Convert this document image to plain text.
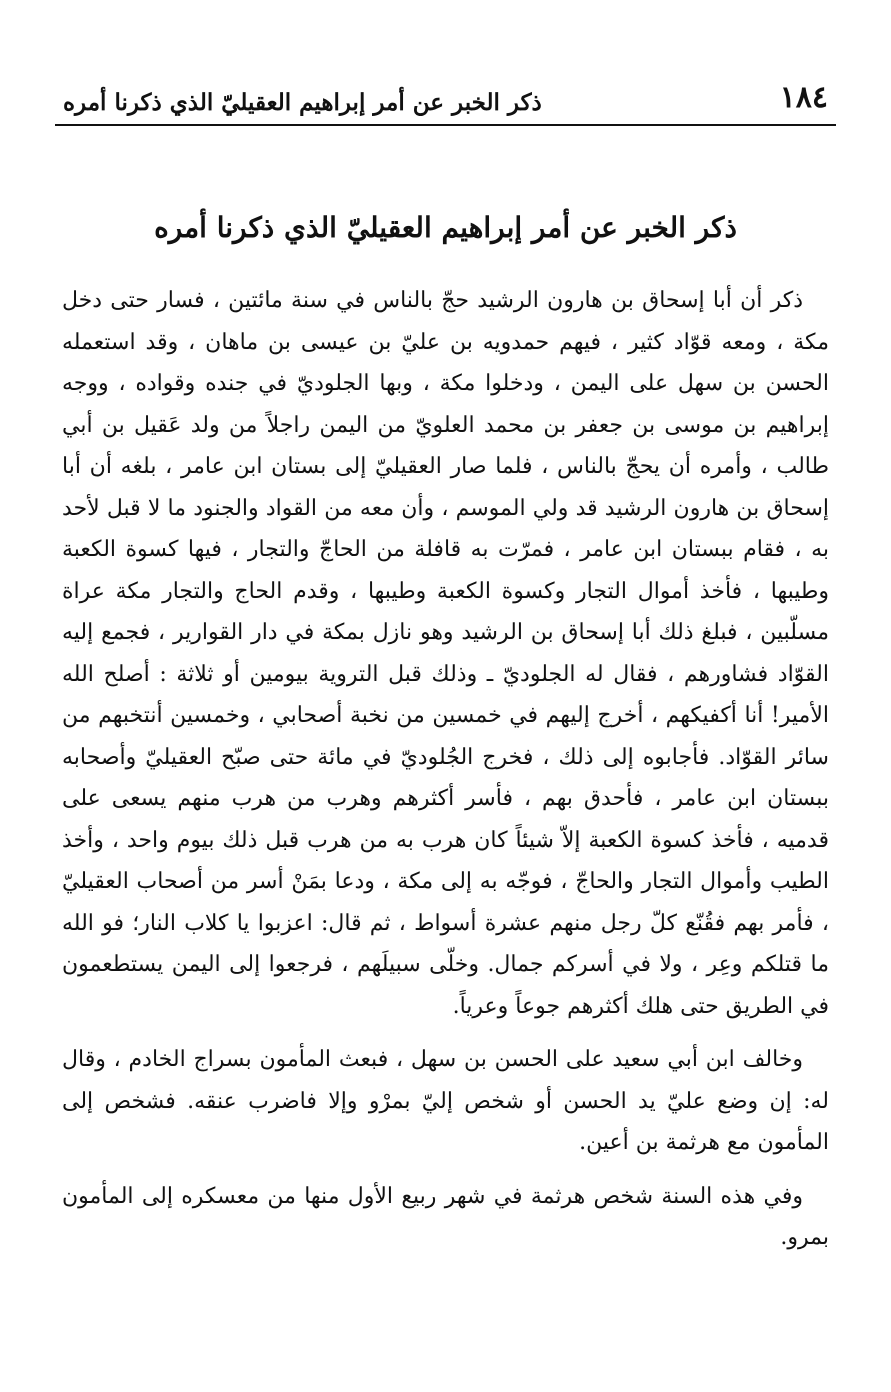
١٨٤
ذكر الخبر عن أمر إبراهيم العقيليّ الذي ذكرنا أمره
ذكر الخبر عن أمر إبراهيم العقيليّ الذي ذكرنا أمره

ذكر أن أبا إسحاق بن هارون الرشيد حجّ بالناس في سنة مائتين ، فسار حتى دخل مكة ، ومعه قوّاد كثير ، فيهم حمدويه بن عليّ بن عيسى بن ماهان ، وقد استعمله الحسن بن سهل على اليمن ، ودخلوا مكة ، وبها الجلوديّ في جنده وقواده ، ووجه إبراهيم بن موسى بن جعفر بن محمد العلويّ من اليمن راجلاً من ولد عَقيل بن أبي طالب ، وأمره أن يحجّ بالناس ، فلما صار العقيليّ إلى بستان ابن عامر ، بلغه أن أبا إسحاق بن هارون الرشيد قد ولي الموسم ، وأن معه من القواد والجنود ما لا قبل لأحد به ، فقام ببستان ابن عامر ، فمرّت به قافلة من الحاجّ والتجار ، فيها كسوة الكعبة وطيبها ، فأخذ أموال التجار وكسوة الكعبة وطيبها ، وقدم الحاج والتجار مكة عراة مسلّبين ، فبلغ ذلك أبا إسحاق بن الرشيد وهو نازل بمكة في دار القوارير ، فجمع إليه القوّاد فشاورهم ، فقال له الجلوديّ ـ وذلك قبل التروية بيومين أو ثلاثة : أصلح الله الأمير! أنا أكفيكهم ، أخرج إليهم في خمسين من نخبة أصحابي ، وخمسين أنتخبهم من سائر القوّاد. فأجابوه إلى ذلك ، فخرج الجُلوديّ في مائة حتى صبّح العقيليّ وأصحابه ببستان ابن عامر ، فأحدق بهم ، فأسر أكثرهم وهرب من هرب منهم يسعى على قدميه ، فأخذ كسوة الكعبة إلاّ شيئاً كان هرب به من هرب قبل ذلك بيوم واحد ، وأخذ الطيب وأموال التجار والحاجّ ، فوجّه به إلى مكة ، ودعا بمَنْ أسر من أصحاب العقيليّ ، فأمر بهم فقُنّع كلّ رجل منهم عشرة أسواط ، ثم قال: اعزبوا يا كلاب النار؛ فو الله ما قتلكم وعِر ، ولا في أسركم جمال. وخلّى سبيلَهم ، فرجعوا إلى اليمن يستطعمون في الطريق حتى هلك أكثرهم جوعاً وعرياً.

وخالف ابن أبي سعيد على الحسن بن سهل ، فبعث المأمون بسراج الخادم ، وقال له: إن وضع عليّ يد الحسن أو شخص إليّ بمرْو وإلا فاضرب عنقه. فشخص إلى المأمون مع هرثمة بن أعين.

وفي هذه السنة شخص هرثمة في شهر ربيع الأول منها من معسكره إلى المأمون بمرو.
